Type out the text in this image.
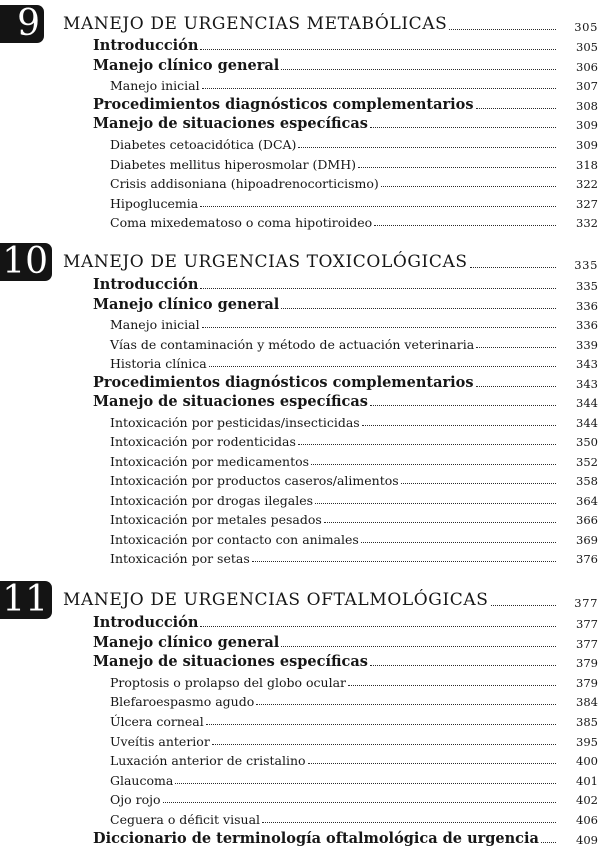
9 MANEJO DE URGENCIAS METABÓLICAS	305
Introducción	305
Manejo clínico general	306
Manejo inicial	307
Procedimientos diagnósticos complementarios	308
Manejo de situaciones específicas	309
Diabetes cetoacidótica (DCA)	309
Diabetes mellitus hiperosmolar (DMH)	318
Crisis addisoniana (hipoadrenocorticismo)	322
Hipoglucemia	327
Coma mixedematoso o coma hipotiroideo	332
10 MANEJO DE URGENCIAS TOXICOLÓGICAS	335
Introducción	335
Manejo clínico general	336
Manejo inicial	336
Vías de contaminación y método de actuación veterinaria	339
Historia clínica	343
Procedimientos diagnósticos complementarios	343
Manejo de situaciones específicas	344
Intoxicación por pesticidas/insecticidas	344
Intoxicación por rodenticidas	350
Intoxicación por medicamentos	352
Intoxicación por productos caseros/alimentos	358
Intoxicación por drogas ilegales	364
Intoxicación por metales pesados	366
Intoxicación por contacto con animales	369
Intoxicación por setas	376
11 MANEJO DE URGENCIAS OFTALMOLÓGICAS	377
Introducción	377
Manejo clínico general	377
Manejo de situaciones específicas	379
Proptosis o prolapso del globo ocular	379
Blefaroespasmo agudo	384
Úlcera corneal	385
Uveítis anterior	395
Luxación anterior de cristalino	400
Glaucoma	401
Ojo rojo	402
Ceguera o déficit visual	406
Diccionario de terminología oftalmológica de urgencia	409
